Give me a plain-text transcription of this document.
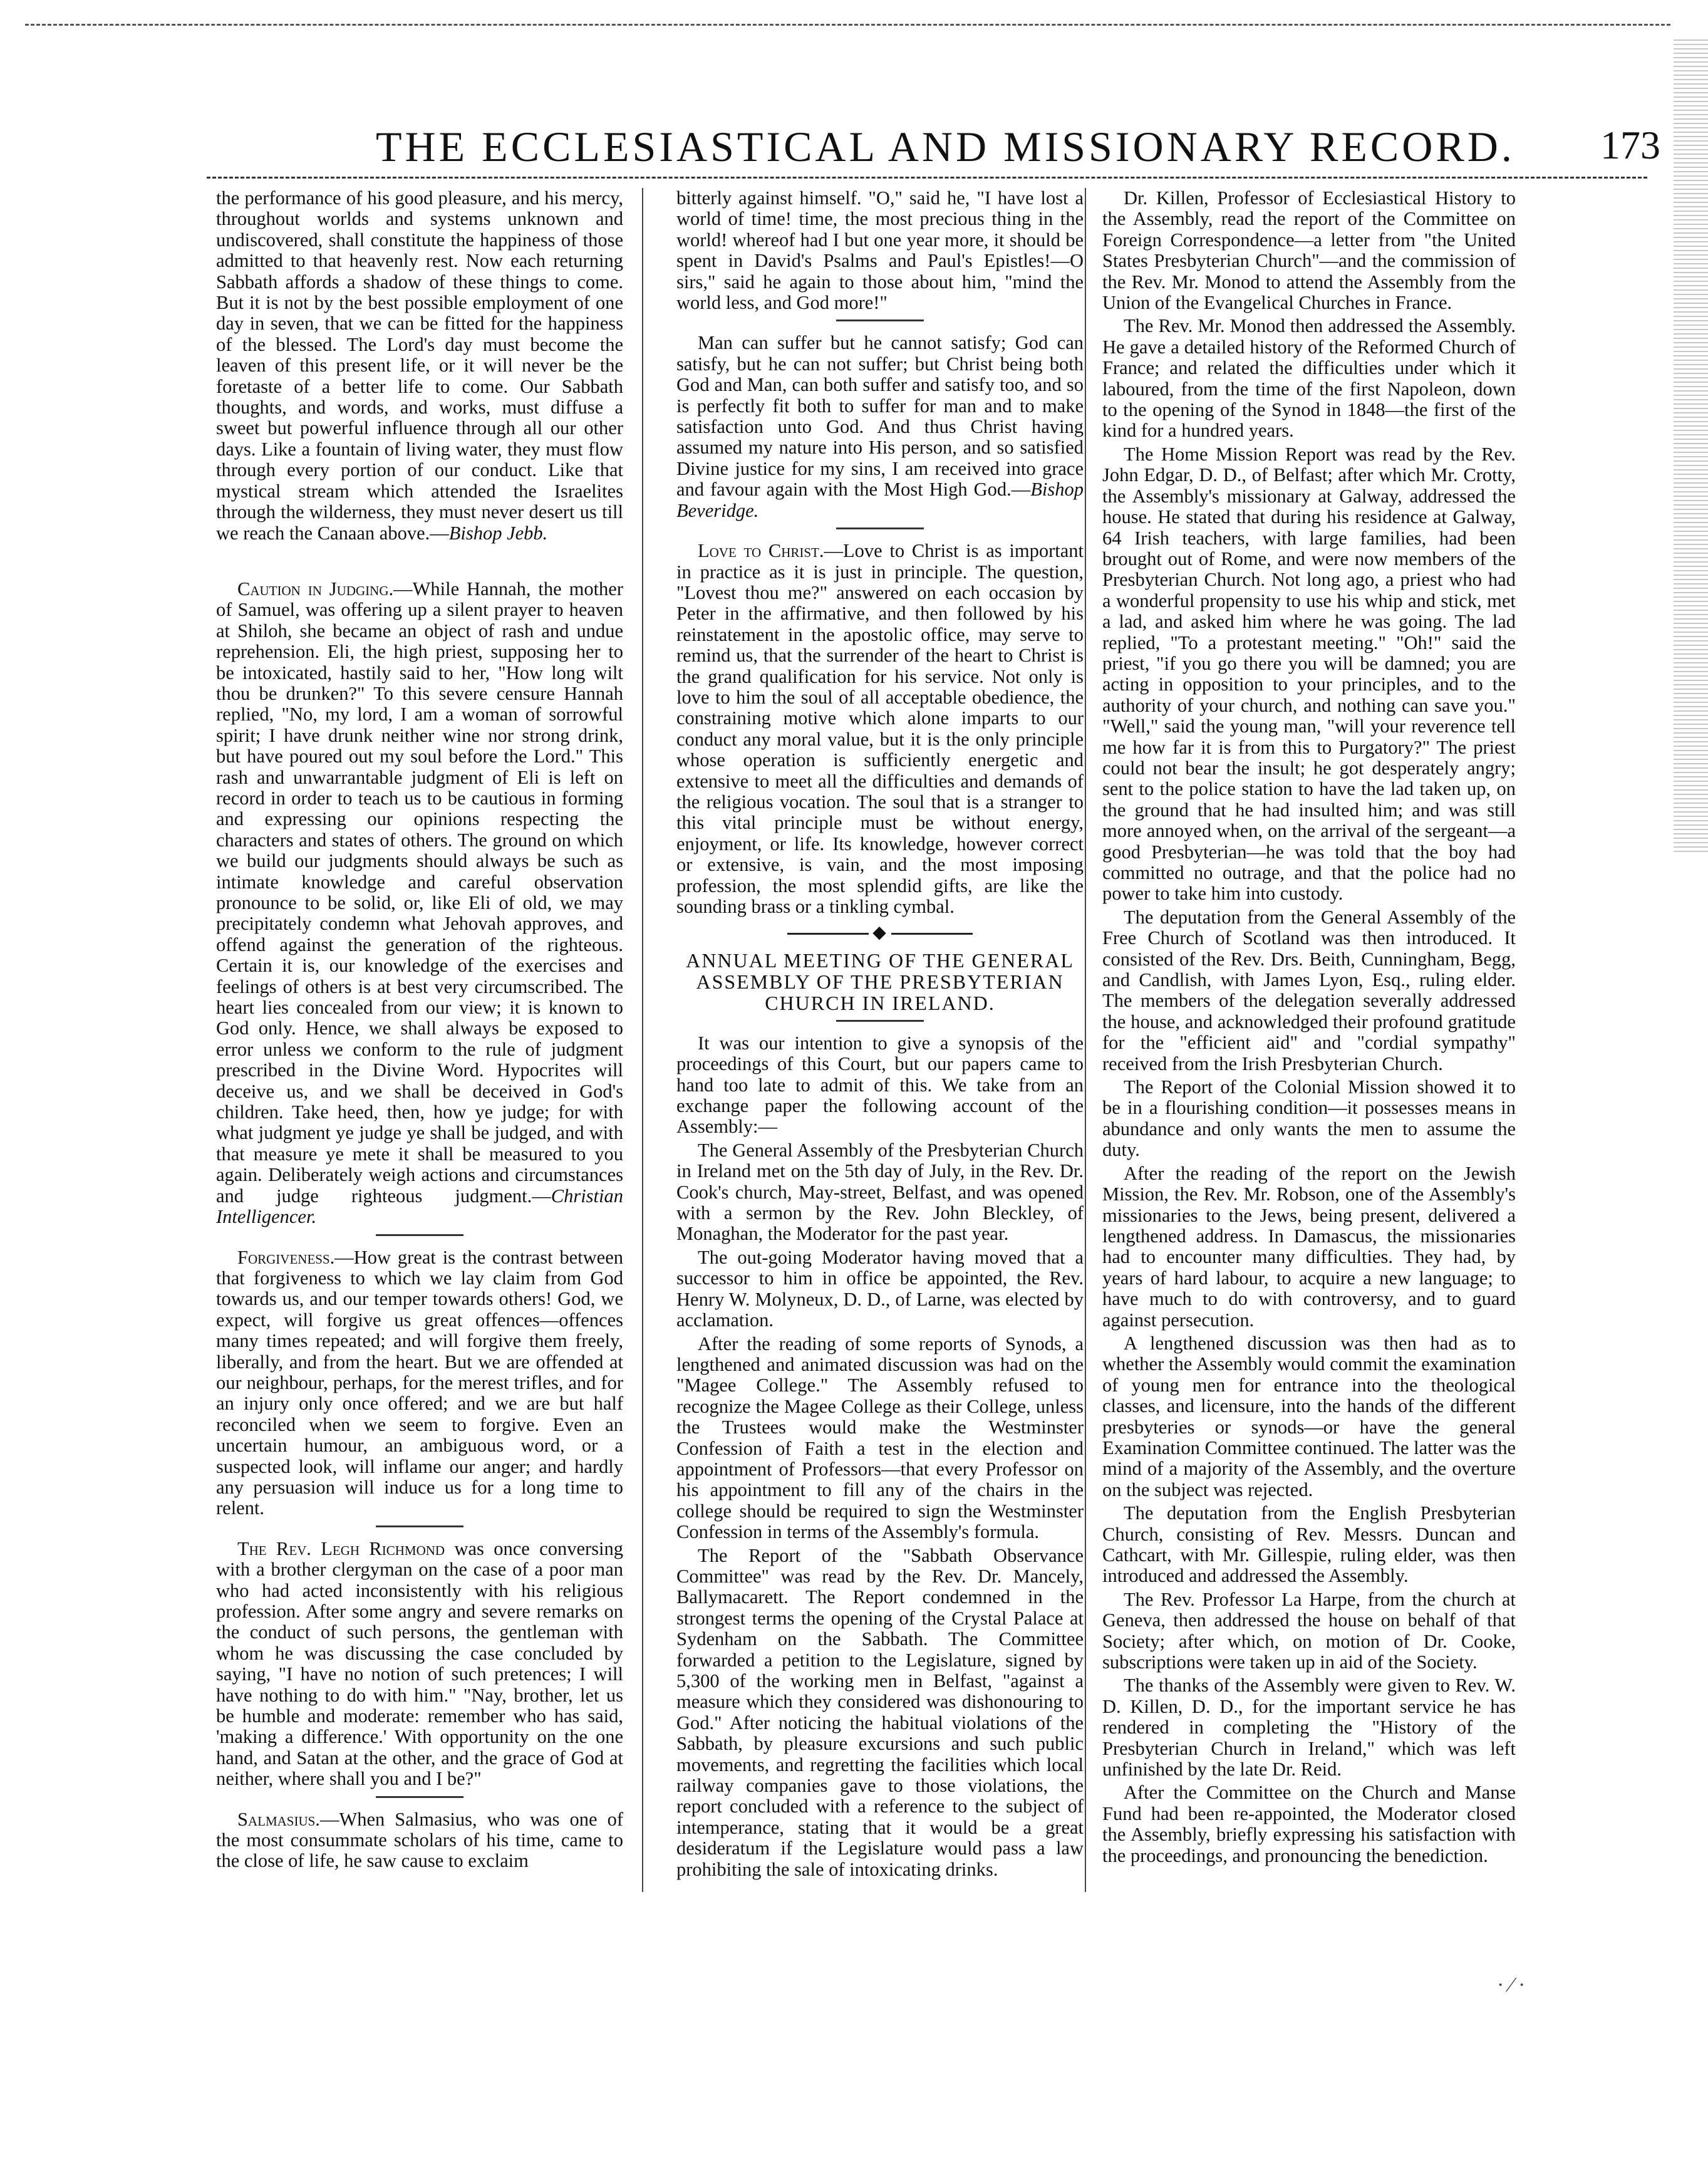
THE ECCLESIASTICAL AND MISSIONARY RECORD. 173

the performance of his good pleasure, and his mercy, throughout worlds and systems unknown and undiscovered, shall constitute the happiness of those admitted to that heavenly rest. Now each returning Sabbath affords a shadow of these things to come. But it is not by the best possible employment of one day in seven, that we can be fitted for the happiness of the blessed. The Lord's day must become the leaven of this present life, or it will never be the foretaste of a better life to come. Our Sabbath thoughts, and words, and works, must diffuse a sweet but powerful influence through all our other days. Like a fountain of living water, they must flow through every portion of our conduct. Like that mystical stream which attended the Israelites through the wilderness, they must never desert us till we reach the Canaan above.—Bishop Jebb.

Caution in Judging.—While Hannah, the mother of Samuel, was offering up a silent prayer to heaven at Shiloh, she became an object of rash and undue reprehension. Eli, the high priest, supposing her to be intoxicated, hastily said to her, "How long wilt thou be drunken?" To this severe censure Hannah replied, "No, my lord, I am a woman of sorrowful spirit; I have drunk neither wine nor strong drink, but have poured out my soul before the Lord." This rash and unwarrantable judgment of Eli is left on record in order to teach us to be cautious in forming and expressing our opinions respecting the characters and states of others. The ground on which we build our judgments should always be such as intimate knowledge and careful observation pronounce to be solid, or, like Eli of old, we may precipitately condemn what Jehovah approves, and offend against the generation of the righteous. Certain it is, our knowledge of the exercises and feelings of others is at best very circumscribed. The heart lies concealed from our view; it is known to God only. Hence, we shall always be exposed to error unless we conform to the rule of judgment prescribed in the Divine Word. Hypocrites will deceive us, and we shall be deceived in God's children. Take heed, then, how ye judge; for with what judgment ye judge ye shall be judged, and with that measure ye mete it shall be measured to you again. Deliberately weigh actions and circumstances and judge righteous judgment.—Christian Intelligencer.

Forgiveness.—How great is the contrast between that forgiveness to which we lay claim from God towards us, and our temper towards others! God, we expect, will forgive us great offences—offences many times repeated; and will forgive them freely, liberally, and from the heart. But we are offended at our neighbour, perhaps, for the merest trifles, and for an injury only once offered; and we are but half reconciled when we seem to forgive. Even an uncertain humour, an ambiguous word, or a suspected look, will inflame our anger; and hardly any persuasion will induce us for a long time to relent.

The Rev. Legh Richmond was once conversing with a brother clergyman on the case of a poor man who had acted inconsistently with his religious profession. After some angry and severe remarks on the conduct of such persons, the gentleman with whom he was discussing the case concluded by saying, "I have no notion of such pretences; I will have nothing to do with him." "Nay, brother, let us be humble and moderate: remember who has said, 'making a difference.' With opportunity on the one hand, and Satan at the other, and the grace of God at neither, where shall you and I be?"

Salmasius.—When Salmasius, who was one of the most consummate scholars of his time, came to the close of life, he saw cause to exclaim

bitterly against himself. "O," said he, "I have lost a world of time! time, the most precious thing in the world! whereof had I but one year more, it should be spent in David's Psalms and Paul's Epistles!—O sirs," said he again to those about him, "mind the world less, and God more!"

Man can suffer but he cannot satisfy; God can satisfy, but he can not suffer; but Christ being both God and Man, can both suffer and satisfy too, and so is perfectly fit both to suffer for man and to make satisfaction unto God. And thus Christ having assumed my nature into His person, and so satisfied Divine justice for my sins, I am received into grace and favour again with the Most High God.—Bishop Beveridge.

Love to Christ.—Love to Christ is as important in practice as it is just in principle. The question, "Lovest thou me?" answered on each occasion by Peter in the affirmative, and then followed by his reinstatement in the apostolic office, may serve to remind us, that the surrender of the heart to Christ is the grand qualification for his service. Not only is love to him the soul of all acceptable obedience, the constraining motive which alone imparts to our conduct any moral value, but it is the only principle whose operation is sufficiently energetic and extensive to meet all the difficulties and demands of the religious vocation. The soul that is a stranger to this vital principle must be without energy, enjoyment, or life. Its knowledge, however correct or extensive, is vain, and the most imposing profession, the most splendid gifts, are like the sounding brass or a tinkling cymbal.

◆

ANNUAL MEETING OF THE GENERAL ASSEMBLY OF THE PRESBYTERIAN CHURCH IN IRELAND.

It was our intention to give a synopsis of the proceedings of this Court, but our papers came to hand too late to admit of this. We take from an exchange paper the following account of the Assembly:—

The General Assembly of the Presbyterian Church in Ireland met on the 5th day of July, in the Rev. Dr. Cook's church, May-street, Belfast, and was opened with a sermon by the Rev. John Bleckley, of Monaghan, the Moderator for the past year.

The out-going Moderator having moved that a successor to him in office be appointed, the Rev. Henry W. Molyneux, D. D., of Larne, was elected by acclamation.

After the reading of some reports of Synods, a lengthened and animated discussion was had on the "Magee College." The Assembly refused to recognize the Magee College as their College, unless the Trustees would make the Westminster Confession of Faith a test in the election and appointment of Professors—that every Professor on his appointment to fill any of the chairs in the college should be required to sign the Westminster Confession in terms of the Assembly's formula.

The Report of the "Sabbath Observance Committee" was read by the Rev. Dr. Mancely, Ballymacarett. The Report condemned in the strongest terms the opening of the Crystal Palace at Sydenham on the Sabbath. The Committee forwarded a petition to the Legislature, signed by 5,300 of the working men in Belfast, "against a measure which they considered was dishonouring to God." After noticing the habitual violations of the Sabbath, by pleasure excursions and such public movements, and regretting the facilities which local railway companies gave to those violations, the report concluded with a reference to the subject of intemperance, stating that it would be a great desideratum if the Legislature would pass a law prohibiting the sale of intoxicating drinks.

Dr. Killen, Professor of Ecclesiastical History to the Assembly, read the report of the Committee on Foreign Correspondence—a letter from "the United States Presbyterian Church"—and the commission of the Rev. Mr. Monod to attend the Assembly from the Union of the Evangelical Churches in France.

The Rev. Mr. Monod then addressed the Assembly. He gave a detailed history of the Reformed Church of France; and related the difficulties under which it laboured, from the time of the first Napoleon, down to the opening of the Synod in 1848—the first of the kind for a hundred years.

The Home Mission Report was read by the Rev. John Edgar, D. D., of Belfast; after which Mr. Crotty, the Assembly's missionary at Galway, addressed the house. He stated that during his residence at Galway, 64 Irish teachers, with large families, had been brought out of Rome, and were now members of the Presbyterian Church. Not long ago, a priest who had a wonderful propensity to use his whip and stick, met a lad, and asked him where he was going. The lad replied, "To a protestant meeting." "Oh!" said the priest, "if you go there you will be damned; you are acting in opposition to your principles, and to the authority of your church, and nothing can save you." "Well," said the young man, "will your reverence tell me how far it is from this to Purgatory?" The priest could not bear the insult; he got desperately angry; sent to the police station to have the lad taken up, on the ground that he had insulted him; and was still more annoyed when, on the arrival of the sergeant—a good Presbyterian—he was told that the boy had committed no outrage, and that the police had no power to take him into custody.

The deputation from the General Assembly of the Free Church of Scotland was then introduced. It consisted of the Rev. Drs. Beith, Cunningham, Begg, and Candlish, with James Lyon, Esq., ruling elder. The members of the delegation severally addressed the house, and acknowledged their profound gratitude for the "efficient aid" and "cordial sympathy" received from the Irish Presbyterian Church.

The Report of the Colonial Mission showed it to be in a flourishing condition—it possesses means in abundance and only wants the men to assume the duty.

After the reading of the report on the Jewish Mission, the Rev. Mr. Robson, one of the Assembly's missionaries to the Jews, being present, delivered a lengthened address. In Damascus, the missionaries had to encounter many difficulties. They had, by years of hard labour, to acquire a new language; to have much to do with controversy, and to guard against persecution.

A lengthened discussion was then had as to whether the Assembly would commit the examination of young men for entrance into the theological classes, and licensure, into the hands of the different presbyteries or synods—or have the general Examination Committee continued. The latter was the mind of a majority of the Assembly, and the overture on the subject was rejected.

The deputation from the English Presbyterian Church, consisting of Rev. Messrs. Duncan and Cathcart, with Mr. Gillespie, ruling elder, was then introduced and addressed the Assembly.

The Rev. Professor La Harpe, from the church at Geneva, then addressed the house on behalf of that Society; after which, on motion of Dr. Cooke, subscriptions were taken up in aid of the Society.

The thanks of the Assembly were given to Rev. W. D. Killen, D. D., for the important service he has rendered in completing the "History of the Presbyterian Church in Ireland," which was left unfinished by the late Dr. Reid.

After the Committee on the Church and Manse Fund had been re-appointed, the Moderator closed the Assembly, briefly expressing his satisfaction with the proceedings, and pronouncing the benediction.

· ⁄ ·
